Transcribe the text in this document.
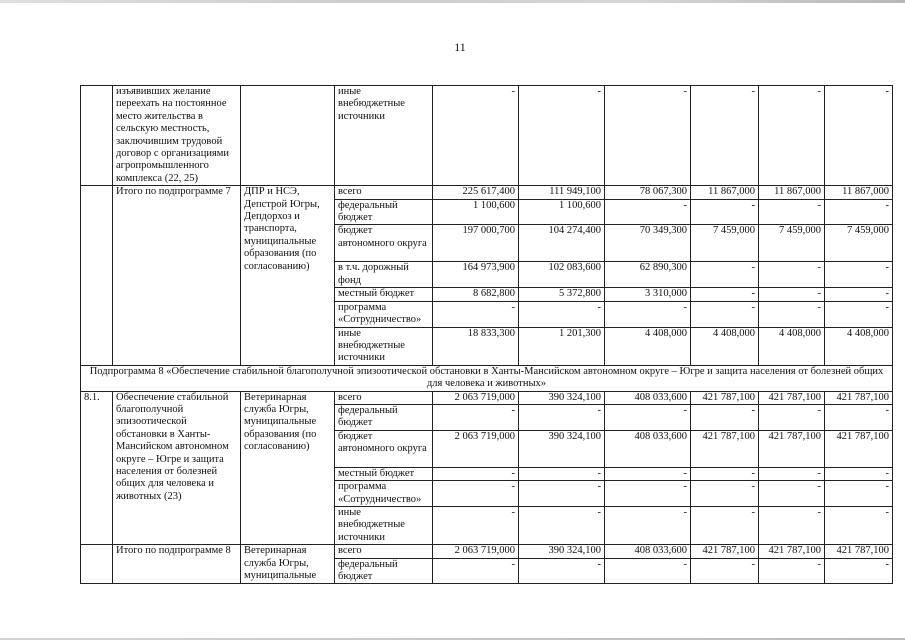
11
	изъявивших желание переехать на постоянное место жительства в сельскую местность, заключившим трудовой договор с организациями агропромышленного комплекса (22, 25)		иные внебюджетные источники	-	-	-	-	-	-
	Итого по подпрограмме 7	ДПР и НСЭ, Депстрой Югры, Депдорхоз и транспорта, муниципальные образования (по согласованию)	всего	225 617,400	111 949,100	78 067,300	11 867,000	11 867,000	11 867,000
			федеральный бюджет	1 100,600	1 100,600	-	-	-	-
			бюджет автономного округа	197 000,700	104 274,400	70 349,300	7 459,000	7 459,000	7 459,000
			в т.ч. дорожный фонд	164 973,900	102 083,600	62 890,300	-	-	-
			местный бюджет	8 682,800	5 372,800	3 310,000	-	-	-
			программа «Сотрудничество»	-	-	-	-	-	-
			иные внебюджетные источники	18 833,300	1 201,300	4 408,000	4 408,000	4 408,000	4 408,000
Подпрограмма 8 «Обеспечение стабильной благополучной эпизоотической обстановки в Ханты-Мансийском автономном округе – Югре и защита населения от болезней общих для человека и животных»									
8.1.	Обеспечение стабильной благополучной эпизоотической обстановки в Ханты-Мансийском автономном округе – Югре и защита населения от болезней общих для человека и животных (23)	Ветеринарная служба Югры, муниципальные образования (по согласованию)	всего	2 063 719,000	390 324,100	408 033,600	421 787,100	421 787,100	421 787,100
			федеральный бюджет	-	-	-	-	-	-
			бюджет автономного округа	2 063 719,000	390 324,100	408 033,600	421 787,100	421 787,100	421 787,100
			местный бюджет	-	-	-	-	-	-
			программа «Сотрудничество»	-	-	-	-	-	-
			иные внебюджетные источники	-	-	-	-	-	-
	Итого по подпрограмме 8	Ветеринарная служба Югры, муниципальные	всего	2 063 719,000	390 324,100	408 033,600	421 787,100	421 787,100	421 787,100
			федеральный бюджет	-	-	-	-	-	-
